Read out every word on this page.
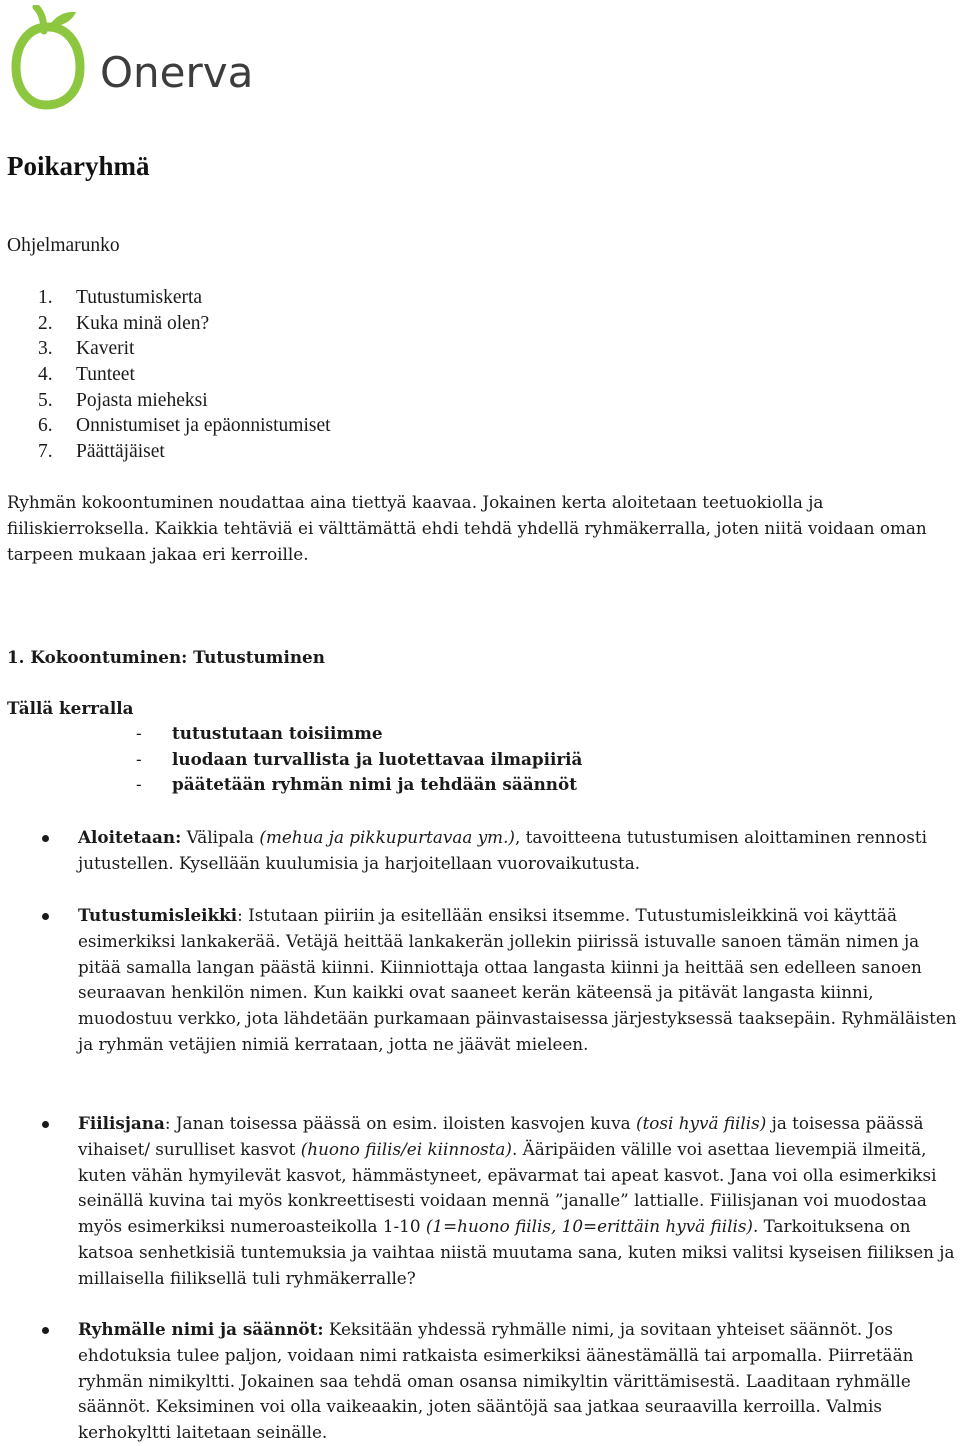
Onerva
Poikaryhmä

Ohjelmarunko

1. Tutustumiskerta
2. Kuka minä olen?
3. Kaverit
4. Tunteet
5. Pojasta mieheksi
6. Onnistumiset ja epäonnistumiset
7. Päättäjäiset

Ryhmän kokoontuminen noudattaa aina tiettyä kaavaa. Jokainen kerta aloitetaan teetuokiolla ja fiiliskierroksella. Kaikkia tehtäviä ei välttämättä ehdi tehdä yhdellä ryhmäkerralla, joten niitä voidaan oman tarpeen mukaan jakaa eri kerroille.

1. Kokoontuminen: Tutustuminen

Tällä kerralla

- tutustutaan toisiimme
- luodaan turvallista ja luotettavaa ilmapiiriä
- päätetään ryhmän nimi ja tehdään säännöt
Aloitetaan: Välipala (mehua ja pikkupurtavaa ym.), tavoitteena tutustumisen aloittaminen rennosti jutustellen. Kysellään kuulumisia ja harjoitellaan vuorovaikutusta.
Tutustumisleikki: Istutaan piiriin ja esitellään ensiksi itsemme. Tutustumisleikkinä voi käyttää esimerkiksi lankakerää. Vetäjä heittää lankakerän jollekin piirissä istuvalle sanoen tämän nimen ja pitää samalla langan päästä kiinni. Kiinniottaja ottaa langasta kiinni ja heittää sen edelleen sanoen seuraavan henkilön nimen. Kun kaikki ovat saaneet kerän käteensä ja pitävät langasta kiinni, muodostuu verkko, jota lähdetään purkamaan päinvastaisessa järjestyksessä taaksepäin. Ryhmäläisten ja ryhmän vetäjien nimiä kerrataan, jotta ne jäävät mieleen.
Fiilisjana: Janan toisessa päässä on esim. iloisten kasvojen kuva (tosi hyvä fiilis) ja toisessa päässä vihaiset/ surulliset kasvot (huono fiilis/ei kiinnosta). Ääripäiden välille voi asettaa lievempiä ilmeitä, kuten vähän hymyilevät kasvot, hämmästyneet, epävarmat tai apeat kasvot. Jana voi olla esimerkiksi seinällä kuvina tai myös konkreettisesti voidaan mennä ”janalle” lattialle. Fiilisjanan voi muodostaa myös esimerkiksi numeroasteikolla 1-10 (1=huono fiilis, 10=erittäin hyvä fiilis). Tarkoituksena on katsoa senhetkisiä tuntemuksia ja vaihtaa niistä muutama sana, kuten miksi valitsi kyseisen fiiliksen ja millaisella fiiliksellä tuli ryhmäkerralle?
Ryhmälle nimi ja säännöt: Keksitään yhdessä ryhmälle nimi, ja sovitaan yhteiset säännöt. Jos ehdotuksia tulee paljon, voidaan nimi ratkaista esimerkiksi äänestämällä tai arpomalla. Piirretään ryhmän nimikyltti. Jokainen saa tehdä oman osansa nimikyltin värittämisestä. Laaditaan ryhmälle säännöt. Keksiminen voi olla vaikeaakin, joten sääntöjä saa jatkaa seuraavilla kerroilla. Valmis kerhokyltti laitetaan seinälle.
